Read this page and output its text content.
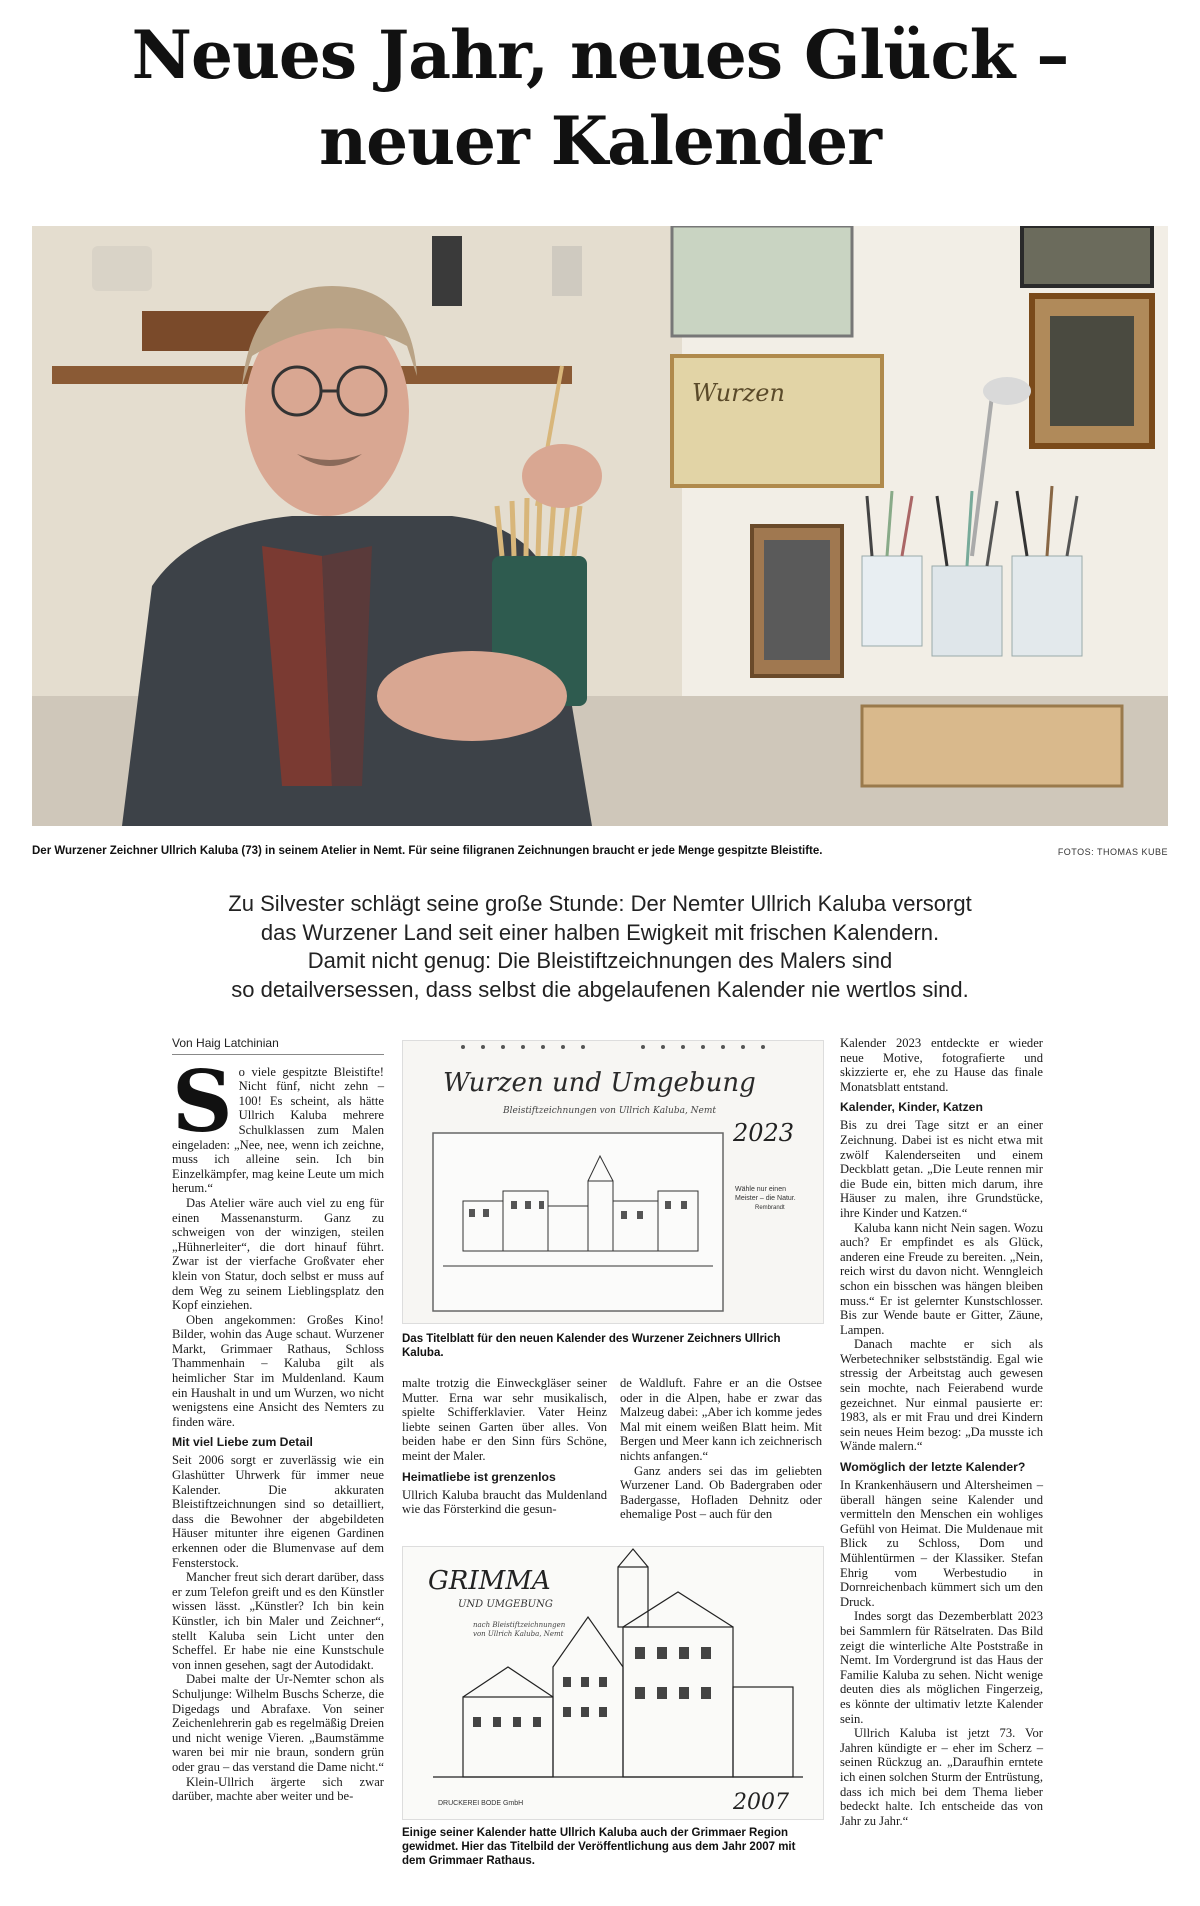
Neues Jahr, neues Glück –
neuer Kalender
Wurzen
Der Wurzener Zeichner Ullrich Kaluba (73) in seinem Atelier in Nemt. Für seine filigranen Zeichnungen braucht er jede Menge gespitzte Bleistifte.	FOTOS: THOMAS KUBE
Zu Silvester schlägt seine große Stunde: Der Nemter Ullrich Kaluba versorgt
das Wurzener Land seit einer halben Ewigkeit mit frischen Kalendern.
Damit nicht genug: Die Bleistiftzeichnungen des Malers sind
so detailversessen, dass selbst die abgelaufenen Kalender nie wertlos sind.
Von Haig Latchinian

So viele gespitzte Bleistifte! Nicht fünf, nicht zehn – 100! Es scheint, als hätte Ullrich Kaluba mehrere Schulklassen zum Malen eingeladen: „Nee, nee, wenn ich zeichne, muss ich alleine sein. Ich bin Einzelkämpfer, mag keine Leute um mich herum.“

Das Atelier wäre auch viel zu eng für einen Massenansturm. Ganz zu schweigen von der winzigen, steilen „Hühnerleiter“, die dort hinauf führt. Zwar ist der vierfache Großvater eher klein von Statur, doch selbst er muss auf dem Weg zu seinem Lieblingsplatz den Kopf einziehen.

Oben angekommen: Großes Kino! Bilder, wohin das Auge schaut. Wurzener Markt, Grimmaer Rathaus, Schloss Thammenhain – Kaluba gilt als heimlicher Star im Muldenland. Kaum ein Haushalt in und um Wurzen, wo nicht wenigstens eine Ansicht des Nemters zu finden wäre.

Mit viel Liebe zum Detail

Seit 2006 sorgt er zuverlässig wie ein Glashütter Uhrwerk für immer neue Kalender. Die akkuraten Bleistiftzeichnungen sind so detailliert, dass die Bewohner der abgebildeten Häuser mitunter ihre eigenen Gardinen erkennen oder die Blumenvase auf dem Fensterstock.

Mancher freut sich derart darüber, dass er zum Telefon greift und es den Künstler wissen lässt. „Künstler? Ich bin kein Künstler, ich bin Maler und Zeichner“, stellt Kaluba sein Licht unter den Scheffel. Er habe nie eine Kunstschule von innen gesehen, sagt der Autodidakt.

Dabei malte der Ur-Nemter schon als Schuljunge: Wilhelm Buschs Scherze, die Digedags und Abrafaxe. Von seiner Zeichenlehrerin gab es regelmäßig Dreien und nicht wenige Vieren. „Baumstämme waren bei mir nie braun, sondern grün oder grau – das verstand die Dame nicht.“

Klein-Ullrich ärgerte sich zwar darüber, machte aber weiter und be-

Wurzen und Umgebung
Bleistiftzeichnungen von Ullrich Kaluba, Nemt
2023
Wähle nur einen
Meister – die Natur.
Rembrandt
Das Titelblatt für den neuen Kalender des Wurzener Zeichners Ullrich Kaluba.

malte trotzig die Einweckgläser seiner Mutter. Erna war sehr musikalisch, spielte Schifferklavier. Vater Heinz liebte seinen Garten über alles. Von beiden habe er den Sinn fürs Schöne, meint der Maler.

Heimatliebe ist grenzenlos

Ullrich Kaluba braucht das Muldenland wie das Försterkind die gesun-

de Waldluft. Fahre er an die Ostsee oder in die Alpen, habe er zwar das Malzeug dabei: „Aber ich komme jedes Mal mit einem weißen Blatt heim. Mit Bergen und Meer kann ich zeichnerisch nichts anfangen.“

Ganz anders sei das im geliebten Wurzener Land. Ob Badergraben oder Badergasse, Hofladen Dehnitz oder ehemalige Post – auch für den

GRIMMA
UND UMGEBUNG
nach Bleistiftzeichnungen
von Ullrich Kaluba, Nemt
DRUCKEREI BODE GmbH	2007
Einige seiner Kalender hatte Ullrich Kaluba auch der Grimmaer Region gewidmet. Hier das Titelbild der Veröffentlichung aus dem Jahr 2007 mit dem Grimmaer Rathaus.

Kalender 2023 entdeckte er wieder neue Motive, fotografierte und skizzierte er, ehe zu Hause das finale Monatsblatt entstand.

Kalender, Kinder, Katzen

Bis zu drei Tage sitzt er an einer Zeichnung. Dabei ist es nicht etwa mit zwölf Kalenderseiten und einem Deckblatt getan. „Die Leute rennen mir die Bude ein, bitten mich darum, ihre Häuser zu malen, ihre Grundstücke, ihre Kinder und Katzen.“

Kaluba kann nicht Nein sagen. Wozu auch? Er empfindet es als Glück, anderen eine Freude zu bereiten. „Nein, reich wirst du davon nicht. Wenngleich schon ein bisschen was hängen bleiben muss.“ Er ist gelernter Kunstschlosser. Bis zur Wende baute er Gitter, Zäune, Lampen.

Danach machte er sich als Werbetechniker selbstständig. Egal wie stressig der Arbeitstag auch gewesen sein mochte, nach Feierabend wurde gezeichnet. Nur einmal pausierte er: 1983, als er mit Frau und drei Kindern sein neues Heim bezog: „Da musste ich Wände malern.“

Womöglich der letzte Kalender?

In Krankenhäusern und Altersheimen – überall hängen seine Kalender und vermitteln den Menschen ein wohliges Gefühl von Heimat. Die Muldenaue mit Blick zu Schloss, Dom und Mühlentürmen – der Klassiker. Stefan Ehrig vom Werbestudio in Dornreichenbach kümmert sich um den Druck.

Indes sorgt das Dezemberblatt 2023 bei Sammlern für Rätselraten. Das Bild zeigt die winterliche Alte Poststraße in Nemt. Im Vordergrund ist das Haus der Familie Kaluba zu sehen. Nicht wenige deuten dies als möglichen Fingerzeig, es könnte der ultimativ letzte Kalender sein.

Ullrich Kaluba ist jetzt 73. Vor Jahren kündigte er – eher im Scherz – seinen Rückzug an. „Daraufhin erntete ich einen solchen Sturm der Entrüstung, dass ich mich bei dem Thema lieber bedeckt halte. Ich entscheide das von Jahr zu Jahr.“
